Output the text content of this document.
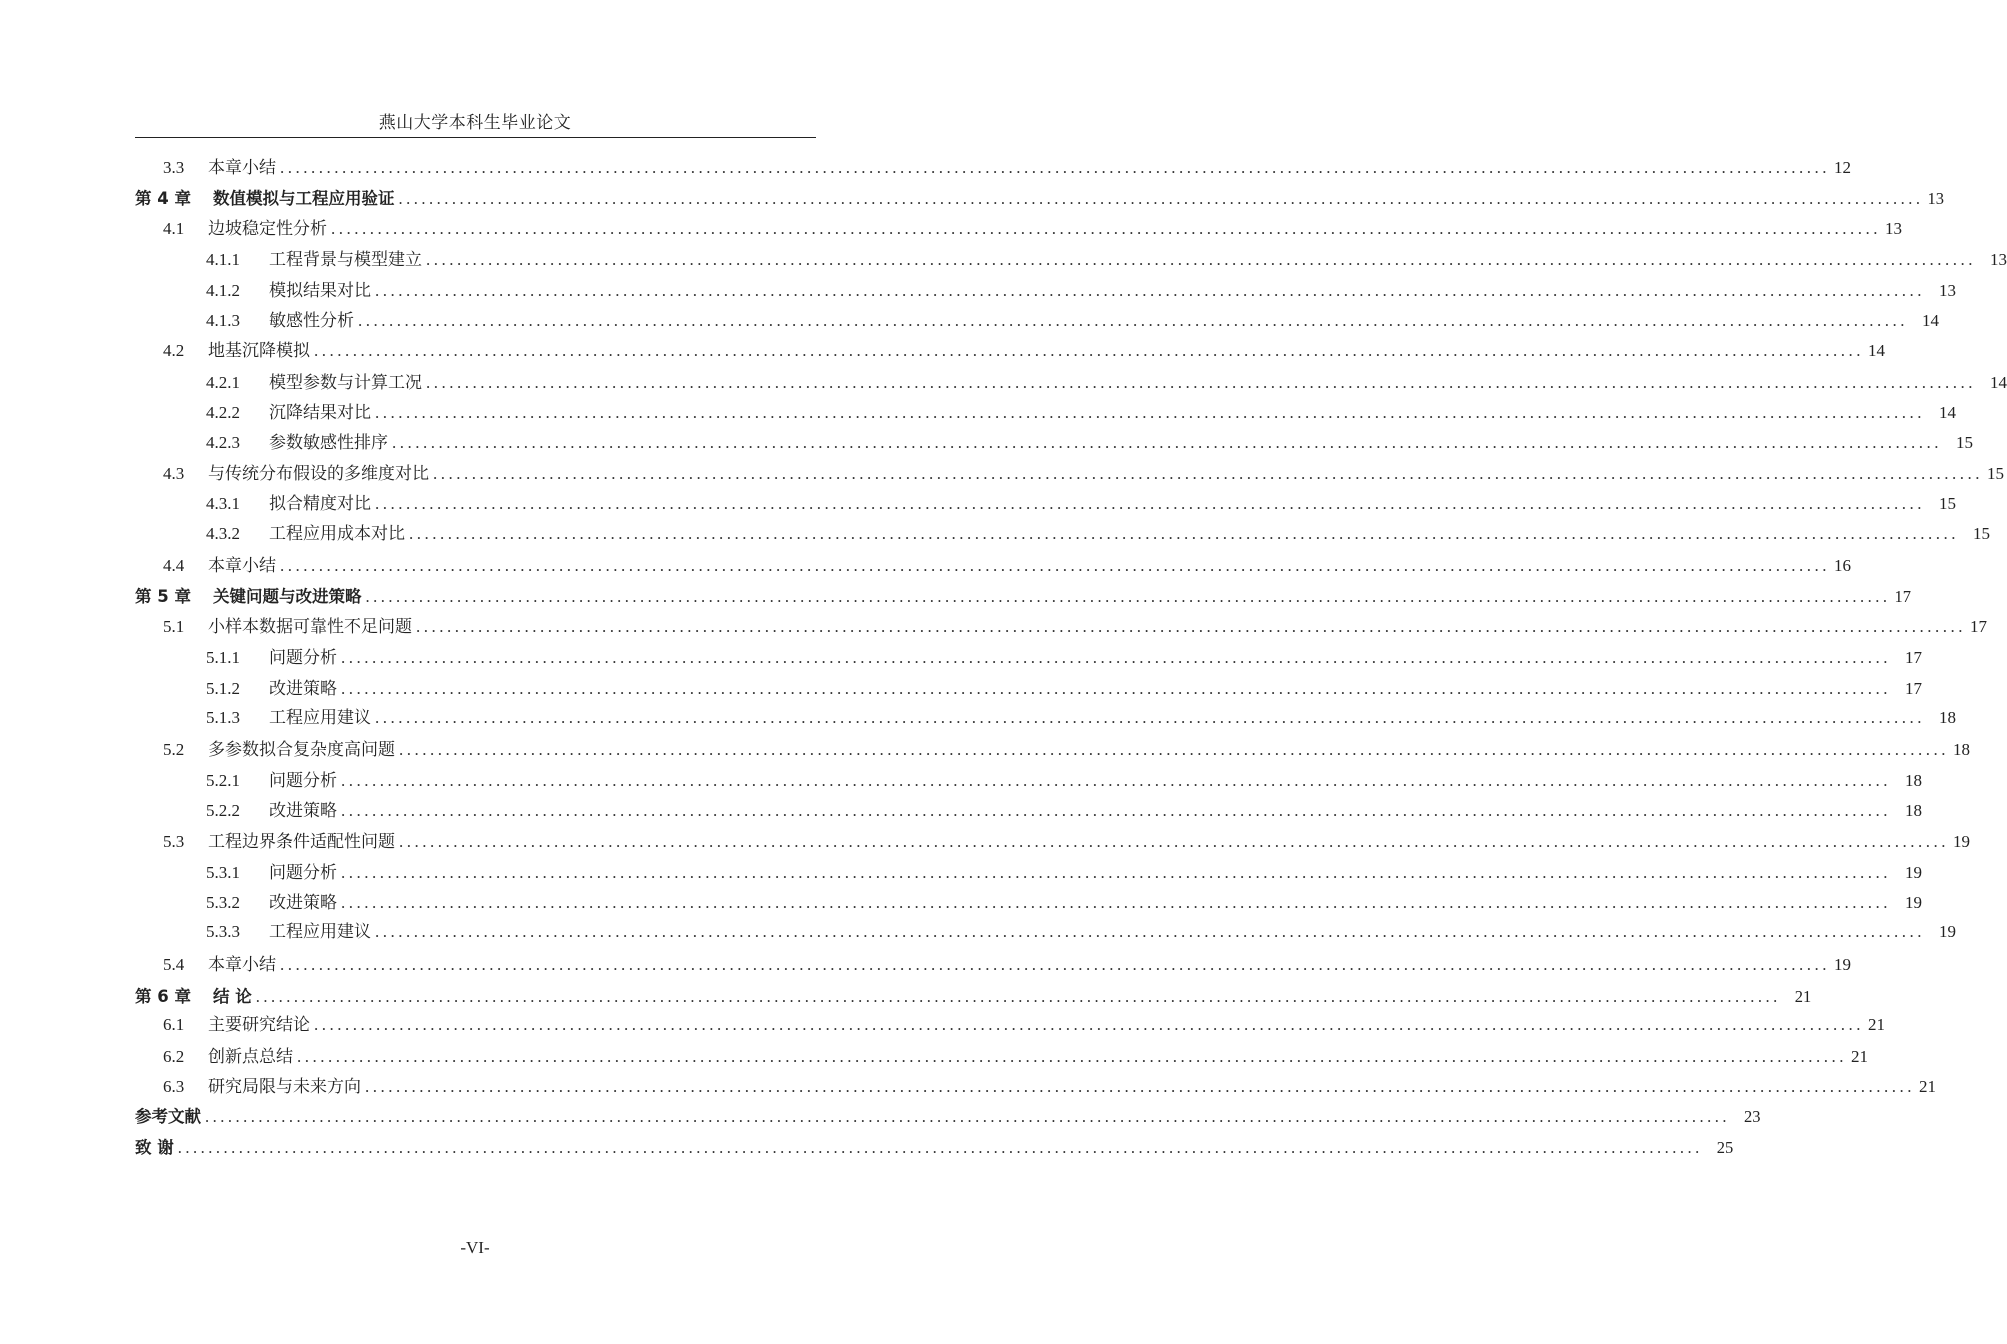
燕山大学本科生毕业论文
3.3	本章小结 ........................................................................................................................................................................................................ 12
第 4 章	数值模拟与工程应用验证 ........................................................................................................................................................................................................ 13
4.1	边坡稳定性分析 ........................................................................................................................................................................................................ 13
4.1.1	工程背景与模型建立 ........................................................................................................................................................................................................ 13
4.1.2	模拟结果对比 ........................................................................................................................................................................................................ 13
4.1.3	敏感性分析 ........................................................................................................................................................................................................ 14
4.2	地基沉降模拟 ........................................................................................................................................................................................................ 14
4.2.1	模型参数与计算工况 ........................................................................................................................................................................................................ 14
4.2.2	沉降结果对比 ........................................................................................................................................................................................................ 14
4.2.3	参数敏感性排序 ........................................................................................................................................................................................................ 15
4.3	与传统分布假设的多维度对比 ........................................................................................................................................................................................................ 15
4.3.1	拟合精度对比 ........................................................................................................................................................................................................ 15
4.3.2	工程应用成本对比 ........................................................................................................................................................................................................ 15
4.4	本章小结 ........................................................................................................................................................................................................ 16
第 5 章	关键问题与改进策略 ........................................................................................................................................................................................................ 17
5.1	小样本数据可靠性不足问题 ........................................................................................................................................................................................................ 17
5.1.1	问题分析 ........................................................................................................................................................................................................ 17
5.1.2	改进策略 ........................................................................................................................................................................................................ 17
5.1.3	工程应用建议 ........................................................................................................................................................................................................ 18
5.2	多参数拟合复杂度高问题 ........................................................................................................................................................................................................ 18
5.2.1	问题分析 ........................................................................................................................................................................................................ 18
5.2.2	改进策略 ........................................................................................................................................................................................................ 18
5.3	工程边界条件适配性问题 ........................................................................................................................................................................................................ 19
5.3.1	问题分析 ........................................................................................................................................................................................................ 19
5.3.2	改进策略 ........................................................................................................................................................................................................ 19
5.3.3	工程应用建议 ........................................................................................................................................................................................................ 19
5.4	本章小结 ........................................................................................................................................................................................................ 19
第 6 章	结 论 ........................................................................................................................................................................................................ 21
6.1	主要研究结论 ........................................................................................................................................................................................................ 21
6.2	创新点总结 ........................................................................................................................................................................................................ 21
6.3	研究局限与未来方向 ........................................................................................................................................................................................................ 21
参考文献 ........................................................................................................................................................................................................ 23
致 谢 ........................................................................................................................................................................................................ 25
-VI-
